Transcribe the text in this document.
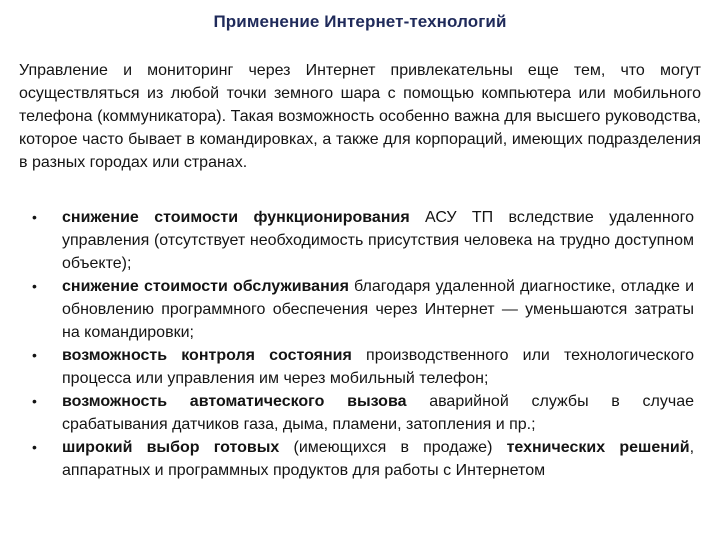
Применение Интернет-технологий
Управление и мониторинг через Интернет привлекательны еще тем, что могут осуществляться из любой точки земного шара с помощью компьютера или мобильного телефона (коммуникатора). Такая возможность особенно важна для высшего руководства, которое часто бывает в командировках, а также для корпораций, имеющих подразделения в разных городах или странах.
• снижение стоимости функционирования АСУ ТП вследствие удаленного управления (отсутствует необходимость присутствия человека на трудно доступном объекте);
• снижение стоимости обслуживания благодаря удаленной диагностике, отладке и обновлению программного обеспечения через Интернет — уменьшаются затраты на командировки;
• возможность контроля состояния производственного или технологического процесса или управления им через мобильный телефон;
• возможность автоматического вызова аварийной службы в случае срабатывания датчиков газа, дыма, пламени, затопления и пр.;
• широкий выбор готовых (имеющихся в продаже) технических решений, аппаратных и программных продуктов для работы с Интернетом
